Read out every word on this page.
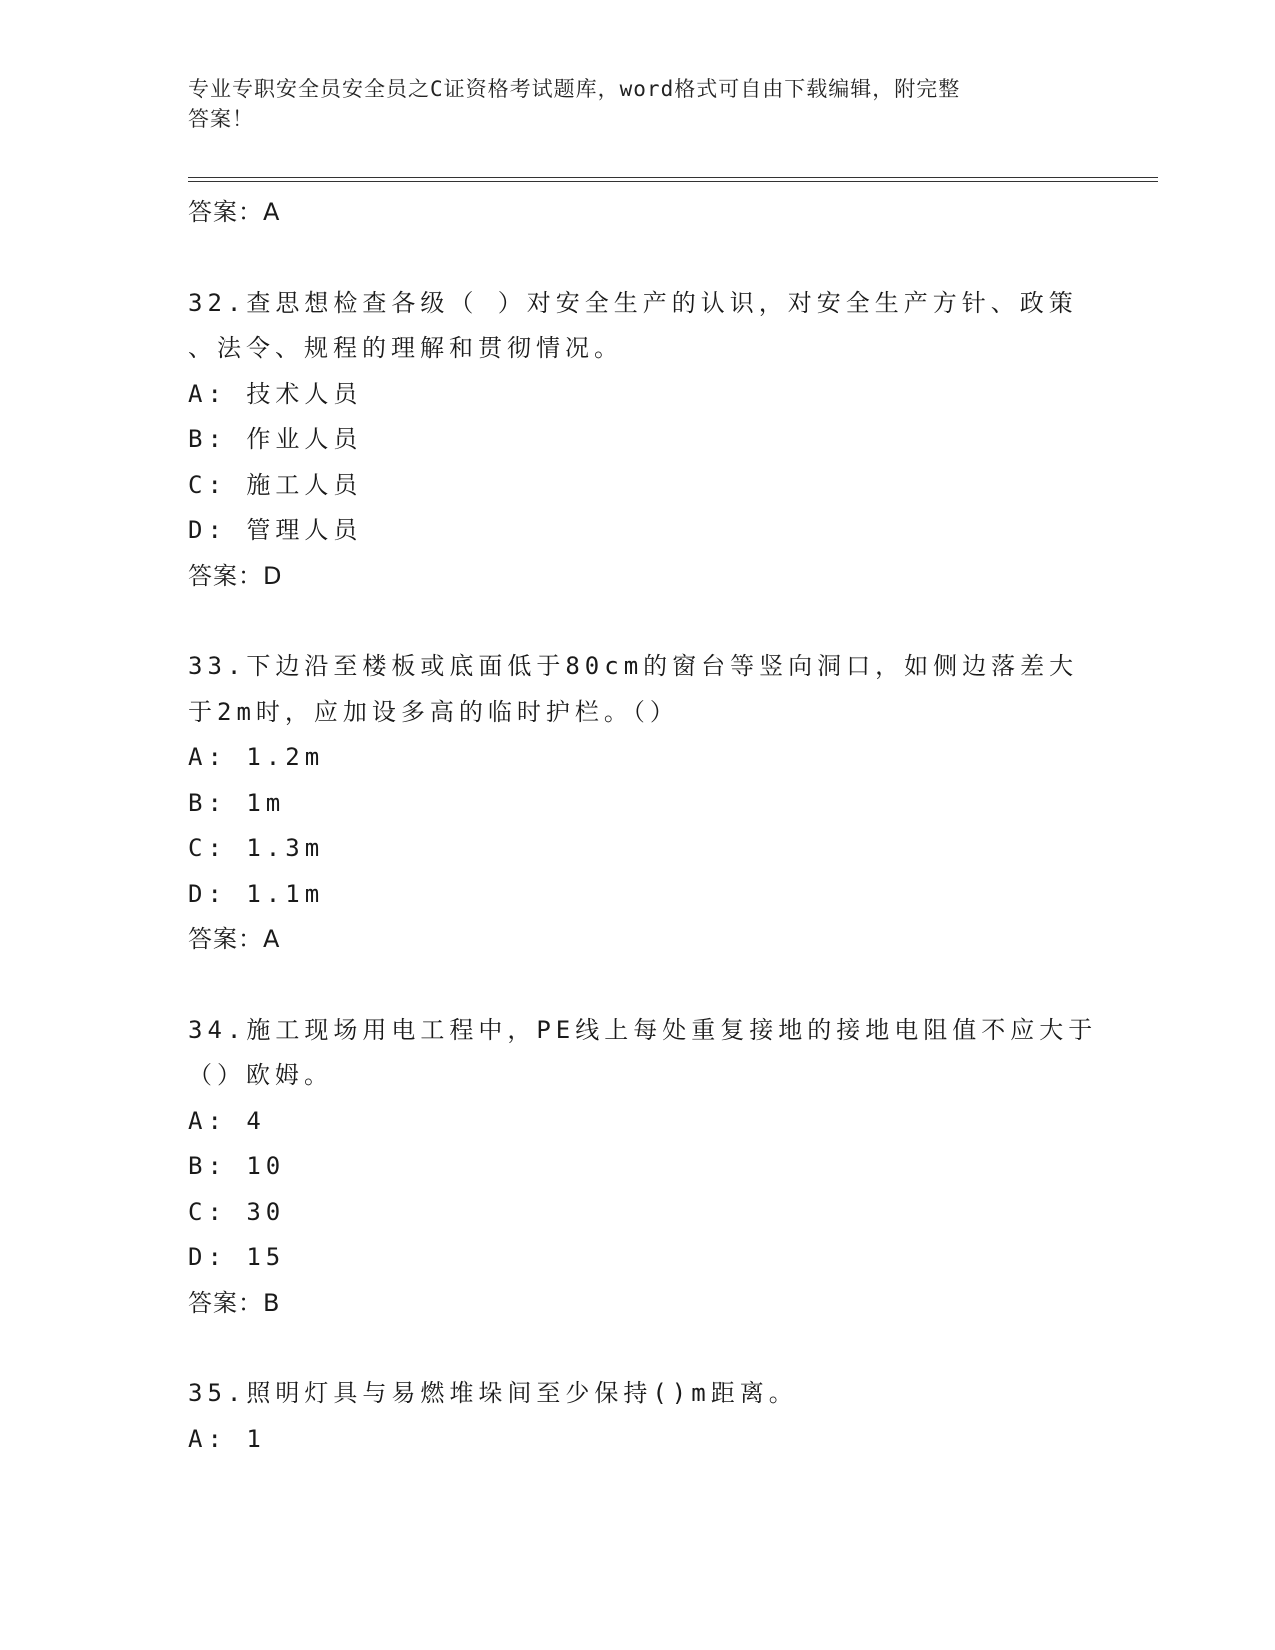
专业专职安全员安全员之C证资格考试题库，word格式可自由下载编辑，附完整
答案！

答案：A

32.查思想检查各级（ ）对安全生产的认识，对安全生产方针、政策

、法令、规程的理解和贯彻情况。

A: 技术人员

B: 作业人员

C: 施工人员

D: 管理人员

答案：D

33.下边沿至楼板或底面低于80cm的窗台等竖向洞口，如侧边落差大

于2m时，应加设多高的临时护栏。（）

A: 1.2m

B: 1m

C: 1.3m

D: 1.1m

答案：A

34.施工现场用电工程中，PE线上每处重复接地的接地电阻值不应大于

（）欧姆。

A: 4

B: 10

C: 30

D: 15

答案：B

35.照明灯具与易燃堆垛间至少保持()m距离。

A: 1
